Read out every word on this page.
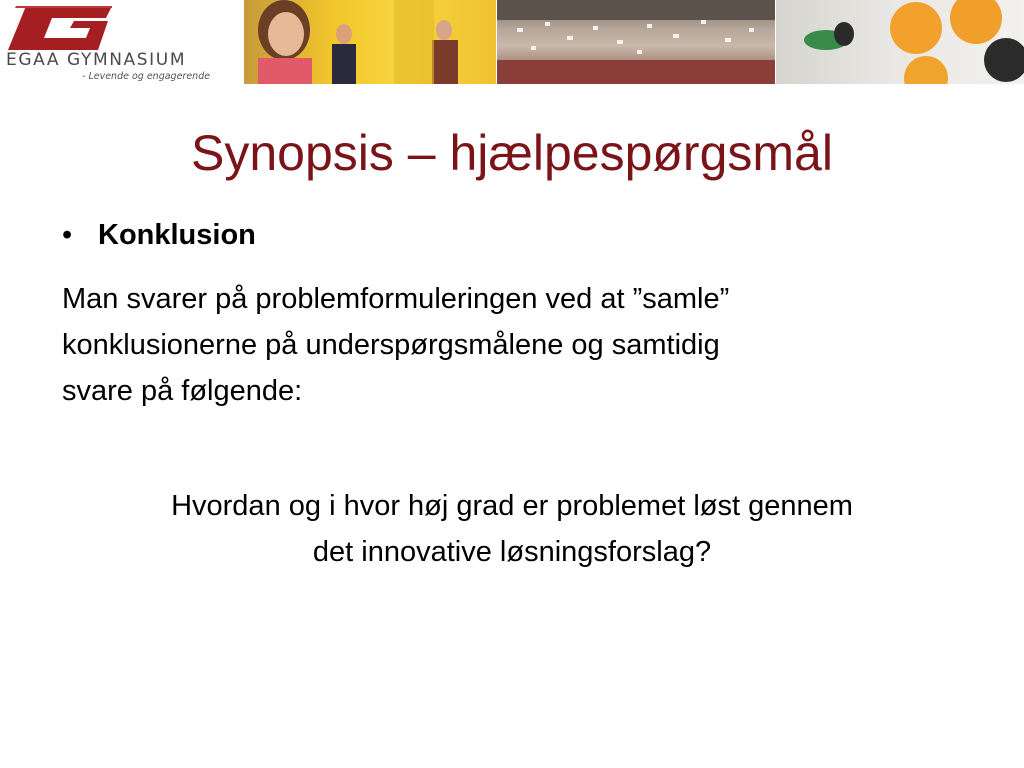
EGAA GYMNASIUM
- Levende og engagerende
Synopsis – hjælpespørgsmål
• Konklusion
Man svarer på problemformuleringen ved at ”samle”
konklusionerne på underspørgsmålene og samtidig
svare på følgende:
Hvordan og i hvor høj grad er problemet løst gennem
det innovative løsningsforslag?
